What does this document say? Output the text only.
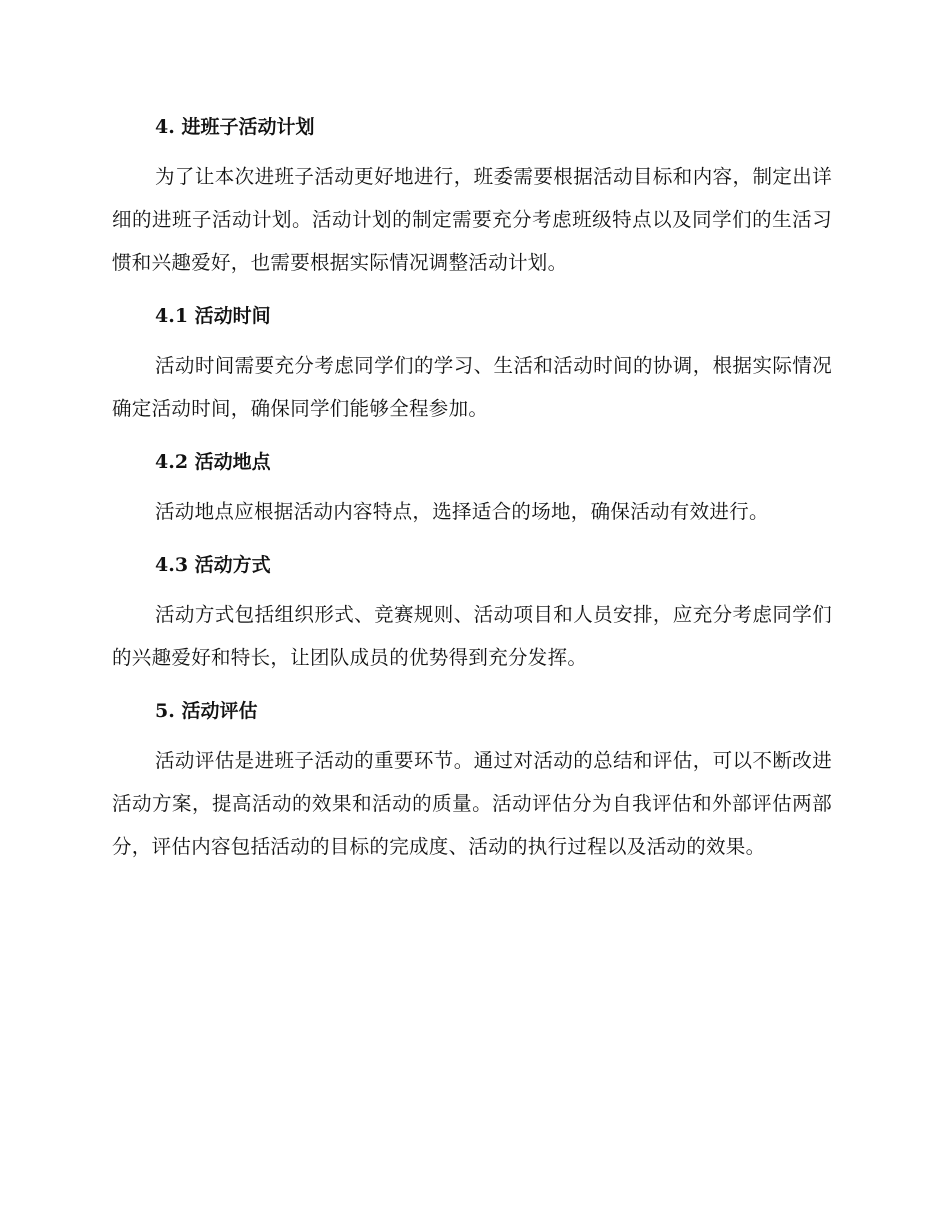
4. 进班子活动计划

为了让本次进班子活动更好地进行，班委需要根据活动目标和内容，制定出详细的进班子活动计划。活动计划的制定需要充分考虑班级特点以及同学们的生活习惯和兴趣爱好，也需要根据实际情况调整活动计划。

4.1 活动时间

活动时间需要充分考虑同学们的学习、生活和活动时间的协调，根据实际情况确定活动时间，确保同学们能够全程参加。

4.2 活动地点

活动地点应根据活动内容特点，选择适合的场地，确保活动有效进行。

4.3 活动方式

活动方式包括组织形式、竞赛规则、活动项目和人员安排，应充分考虑同学们的兴趣爱好和特长，让团队成员的优势得到充分发挥。

5. 活动评估

活动评估是进班子活动的重要环节。通过对活动的总结和评估，可以不断改进活动方案，提高活动的效果和活动的质量。活动评估分为自我评估和外部评估两部分，评估内容包括活动的目标的完成度、活动的执行过程以及活动的效果。
